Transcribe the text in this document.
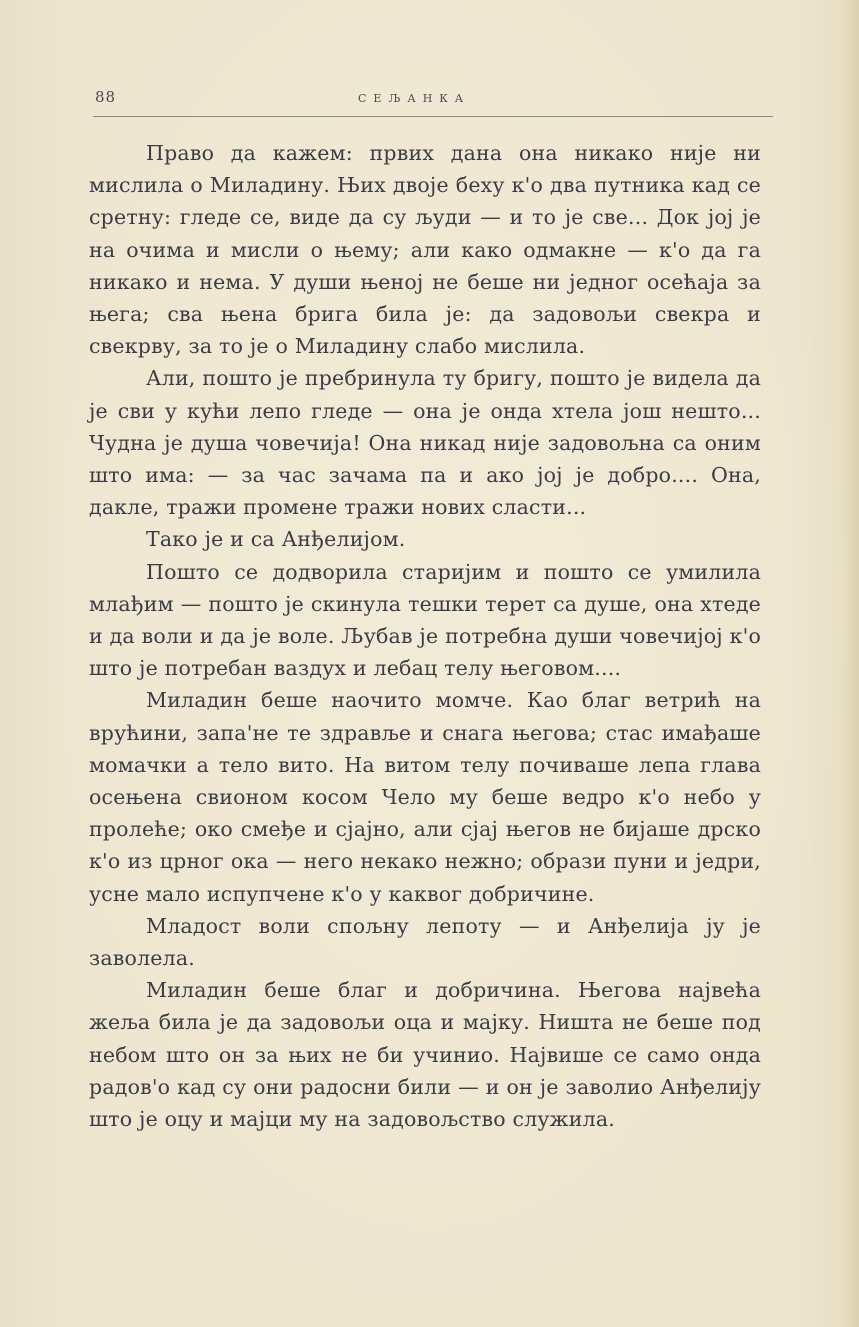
88	СЕЉАНКА

Право да кажем: првих дана она никако није ни мислила о Миладину. Њих двоје беху к'о два путника кад се сретну: гледе се, виде да су људи — и то је све... Док јој је на очима и мисли о њему; али како одмакне — к'о да га никако и нема. У души њеној не беше ни једног осећаја за њега; сва њена брига била је: да задовољи свекра и свекрву, за то је о Миладину слабо мислила.

Али, пошто је пребринула ту бригу, пошто је видела да је сви у кући лепо гледе — она је онда хтела још нешто... Чудна је душа човечија! Она никад није задовољна са оним што има: — за час зачама па и ако јој је добро.... Она, дакле, тражи промене тражи нових сласти...

Тако је и са Анђелијом.

Пошто се додворила старијим и пошто се умилила млађим — пошто је скинула тешки терет са душе, она хтеде и да воли и да је воле. Љубав је потребна души човечијој к'о што је потребан ваздух и лебац телу његовом....

Миладин беше наочито момче. Као благ ветрић на врућини, запа'не те здравље и снага његова; стас имађаше момачки а тело вито. На витом телу почиваше лепа глава осењена свионом косом Чело му беше ведро к'о небо у пролеће; око смеђе и сјајно, али сјај његов не бијаше дрско к'о из црног ока — него некако нежно; образи пуни и једри, усне мало испупчене к'о у каквог добричине.

Младост воли спољну лепоту — и Анђелија ју је заволела.

Миладин беше благ и добричина. Његова највећа жеља била је да задовољи оца и мајку. Ништа не беше под небом што он за њих не би учинио. Највише се само онда радов'о кад су они радосни били — и он је заволио Анђелију што је оцу и мајци му на задовољство служила.
